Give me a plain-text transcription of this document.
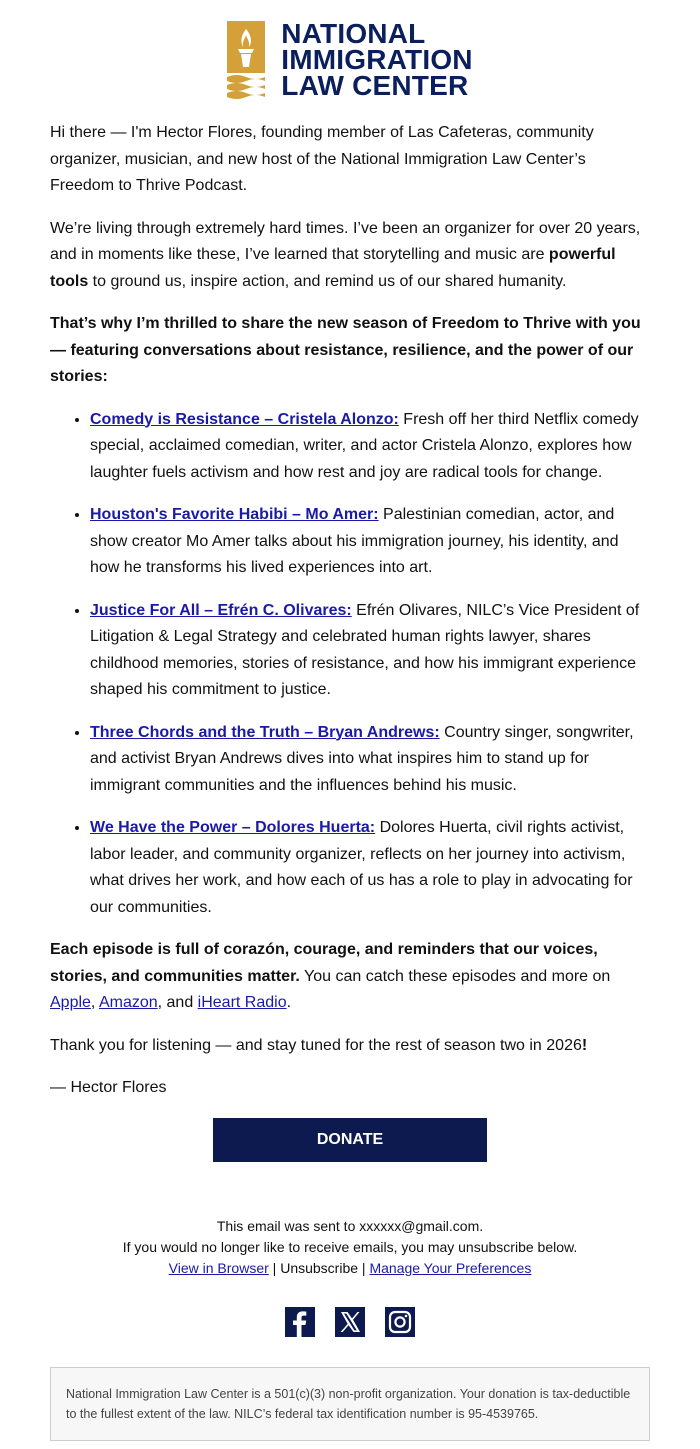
NATIONAL
IMMIGRATION
LAW CENTER

Hi there — I'm Hector Flores, founding member of Las Cafeteras, community organizer, musician, and new host of the National Immigration Law Center’s Freedom to Thrive Podcast.

We’re living through extremely hard times. I’ve been an organizer for over 20 years, and in moments like these, I’ve learned that storytelling and music are powerful tools to ground us, inspire action, and remind us of our shared humanity.

That’s why I’m thrilled to share the new season of Freedom to Thrive with you — featuring conversations about resistance, resilience, and the power of our stories:

• Comedy is Resistance – Cristela Alonzo: Fresh off her third Netflix comedy special, acclaimed comedian, writer, and actor Cristela Alonzo, explores how laughter fuels activism and how rest and joy are radical tools for change.
• Houston's Favorite Habibi – Mo Amer: Palestinian comedian, actor, and show creator Mo Amer talks about his immigration journey, his identity, and how he transforms his lived experiences into art.
• Justice For All – Efrén C. Olivares: Efrén Olivares, NILC’s Vice President of Litigation & Legal Strategy and celebrated human rights lawyer, shares childhood memories, stories of resistance, and how his immigrant experience shaped his commitment to justice.
• Three Chords and the Truth – Bryan Andrews: Country singer, songwriter, and activist Bryan Andrews dives into what inspires him to stand up for immigrant communities and the influences behind his music.
• We Have the Power – Dolores Huerta: Dolores Huerta, civil rights activist, labor leader, and community organizer, reflects on her journey into activism, what drives her work, and how each of us has a role to play in advocating for our communities.

Each episode is full of corazón, courage, and reminders that our voices, stories, and communities matter. You can catch these episodes and more on Apple, Amazon, and iHeart Radio.

Thank you for listening — and stay tuned for the rest of season two in 2026!

— Hector Flores

DONATE
This email was sent to xxxxxx@gmail.com.
If you would no longer like to receive emails, you may unsubscribe below.
View in Browser | Unsubscribe | Manage Your Preferences
National Immigration Law Center is a 501(c)(3) non-profit organization. Your donation is tax-deductible to the fullest extent of the law. NILC’s federal tax identification number is 95-4539765.
